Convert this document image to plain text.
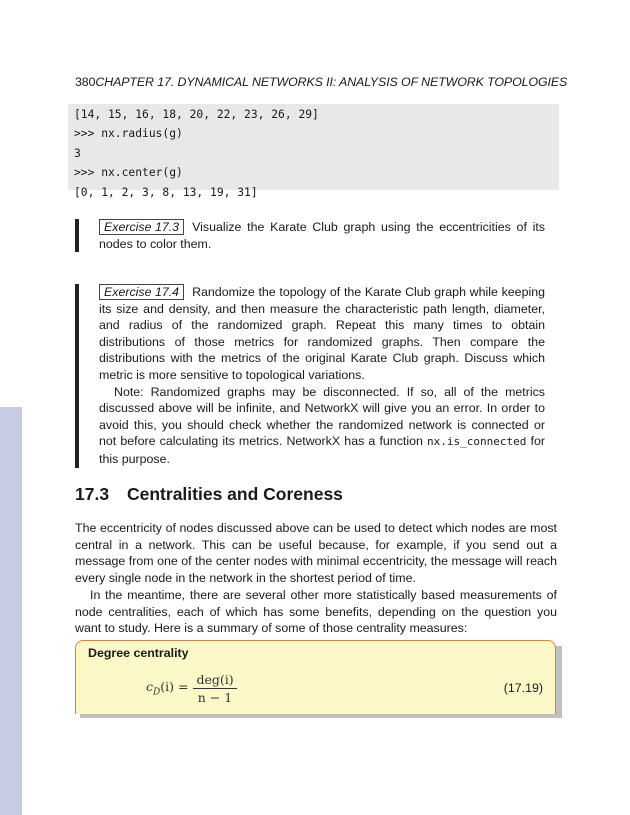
380CHAPTER 17. DYNAMICAL NETWORKS II: ANALYSIS OF NETWORK TOPOLOGIES
[14, 15, 16, 18, 20, 22, 23, 26, 29]
>>> nx.radius(g)
3
>>> nx.center(g)
[0, 1, 2, 3, 8, 13, 19, 31]
Exercise 17.3 Visualize the Karate Club graph using the eccentricities of its nodes to color them.
Exercise 17.4 Randomize the topology of the Karate Club graph while keeping its size and density, and then measure the characteristic path length, diameter, and radius of the randomized graph. Repeat this many times to obtain distributions of those metrics for randomized graphs. Then compare the distributions with the metrics of the original Karate Club graph. Discuss which metric is more sensitive to topological variations.
Note: Randomized graphs may be disconnected. If so, all of the metrics discussed above will be infinite, and NetworkX will give you an error. In order to avoid this, you should check whether the randomized network is connected or not before calculating its metrics. NetworkX has a function nx.is_connected for this purpose.
17.3 Centralities and Coreness

The eccentricity of nodes discussed above can be used to detect which nodes are most central in a network. This can be useful because, for example, if you send out a message from one of the center nodes with minimal eccentricity, the message will reach every single node in the network in the shortest period of time.

In the meantime, there are several other more statistically based measurements of node centralities, each of which has some benefits, depending on the question you want to study. Here is a summary of some of those centrality measures:

Degree centrality
$c_D(i) = \frac{\text{deg(i)}}{n - 1}$	(17.19)
